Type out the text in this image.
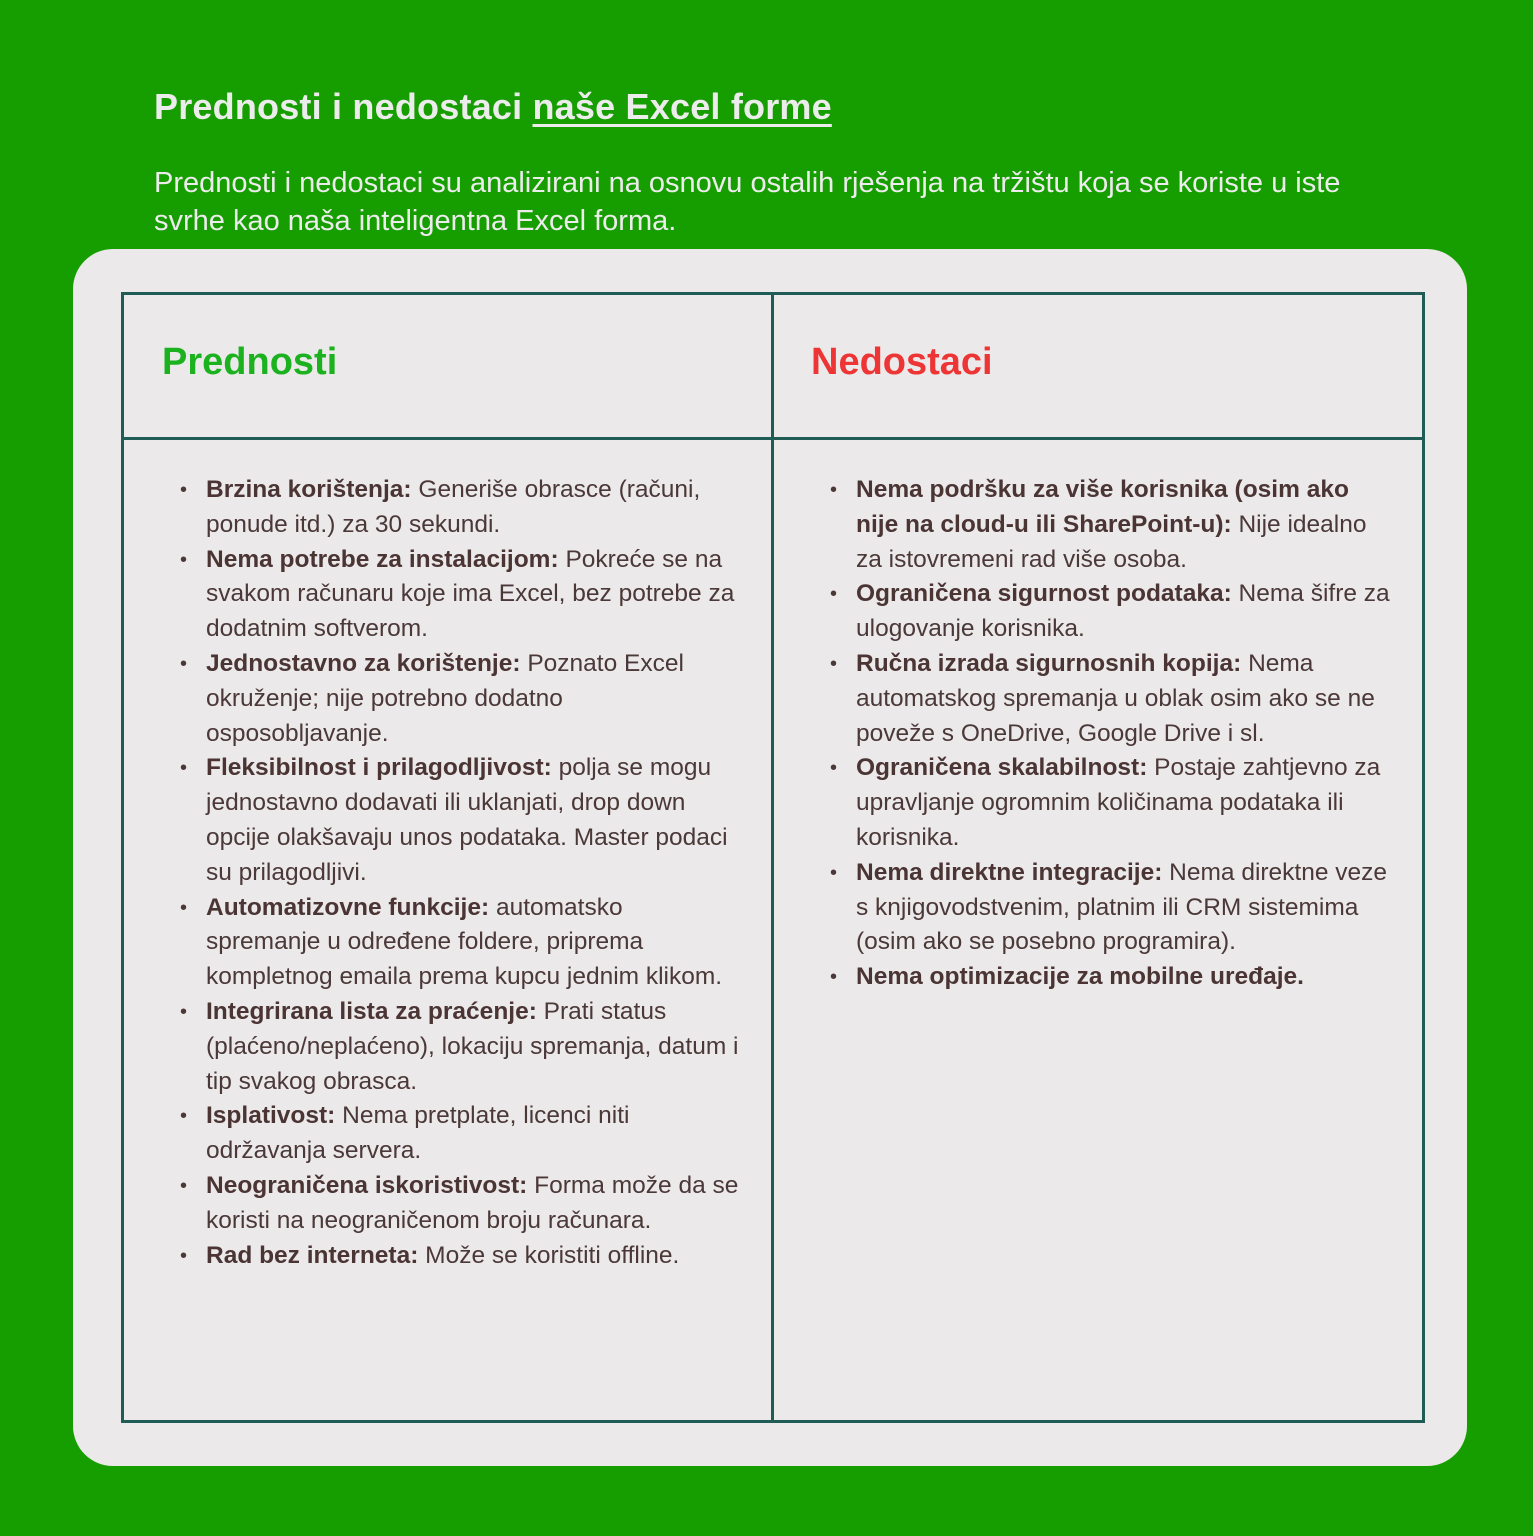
Prednosti i nedostaci naše Excel forme

Prednosti i nedostaci su analizirani na osnovu ostalih rješenja na tržištu koja se koriste u iste svrhe kao naša inteligentna Excel forma.

Prednosti	Nedostaci
• Brzina korištenja: Generiše obrasce (računi, ponude itd.) za 30 sekundi.
• Nema potrebe za instalacijom: Pokreće se na svakom računaru koje ima Excel, bez potrebe za dodatnim softverom.
• Jednostavno za korištenje: Poznato Excel okruženje; nije potrebno dodatno osposobljavanje.
• Fleksibilnost i prilagodljivost: polja se mogu jednostavno dodavati ili uklanjati, drop down opcije olakšavaju unos podataka. Master podaci su prilagodljivi.
• Automatizovne funkcije: automatsko spremanje u određene foldere, priprema kompletnog emaila prema kupcu jednim klikom.
• Integrirana lista za praćenje: Prati status (plaćeno/neplaćeno), lokaciju spremanja, datum i tip svakog obrasca.
• Isplativost: Nema pretplate, licenci niti održavanja servera.
• Neograničena iskoristivost: Forma može da se koristi na neograničenom broju računara.
• Rad bez interneta: Može se koristiti offline.
• Nema podršku za više korisnika (osim ako nije na cloud-u ili SharePoint-u): Nije idealno za istovremeni rad više osoba.
• Ograničena sigurnost podataka: Nema šifre za ulogovanje korisnika.
• Ručna izrada sigurnosnih kopija: Nema automatskog spremanja u oblak osim ako se ne poveže s OneDrive, Google Drive i sl.
• Ograničena skalabilnost: Postaje zahtjevno za upravljanje ogromnim količinama podataka ili korisnika.
• Nema direktne integracije: Nema direktne veze s knjigovodstvenim, platnim ili CRM sistemima (osim ako se posebno programira).
• Nema optimizacije za mobilne uređaje.
